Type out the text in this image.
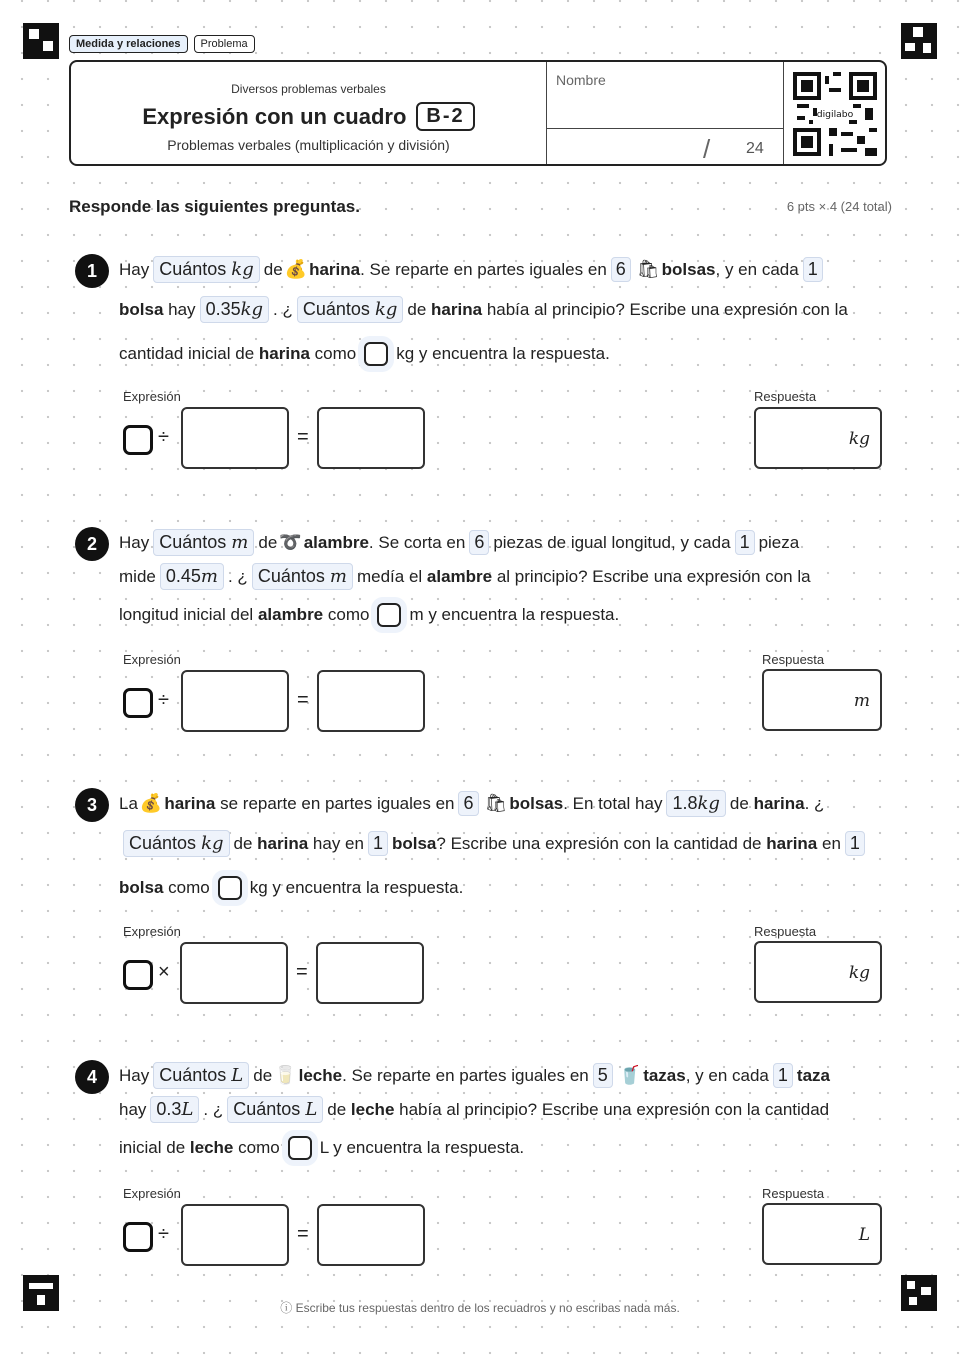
Medida y relaciones	Problema
Diversos problemas verbales
Expresión con un cuadro	B-2
Problemas verbales (multiplicación y división)
Nombre
/ 24
digilabo
Responde las siguientes preguntas.	6 pts × 4 (24 total)
1	Hay Cuántos kg de 💰 harina . Se reparte en partes iguales en 6 🛍 bolsas , y en cada 1
bolsa
hay 0.35kg . ¿ Cuántos kg de
harina
había al principio? Escribe una expresión con la
cantidad inicial de
harina
como kg y encuentra la respuesta.
Expresión	Respuesta
÷	=	kg
2	Hay Cuántos m de ➰ alambre . Se corta en 6 piezas de igual longitud, y cada 1 pieza
mide 0.45m . ¿ Cuántos m medía el
alambre
al principio? Escribe una expresión con la
longitud inicial del
alambre
como m y encuentra la respuesta.
Expresión	Respuesta
÷	=	m
3	La 💰 harina
se reparte en partes iguales en 6 🛍 bolsas . En total hay 1.8kg de
harina . ¿
Cuántos kg de
harina
hay en 1 bolsa ? Escribe una expresión con la cantidad de
harina
en 1
bolsa
como kg y encuentra la respuesta.
Expresión	Respuesta
×	=	kg
4	Hay Cuántos L de 🥛 leche . Se reparte en partes iguales en 5 🥤 tazas , y en cada 1 taza
hay 0.3L . ¿ Cuántos L de
leche
había al principio? Escribe una expresión con la cantidad
inicial de
leche
como L y encuentra la respuesta.
Expresión	Respuesta
÷	=	L
ⓘ Escribe tus respuestas dentro de los recuadros y no escribas nada más.
